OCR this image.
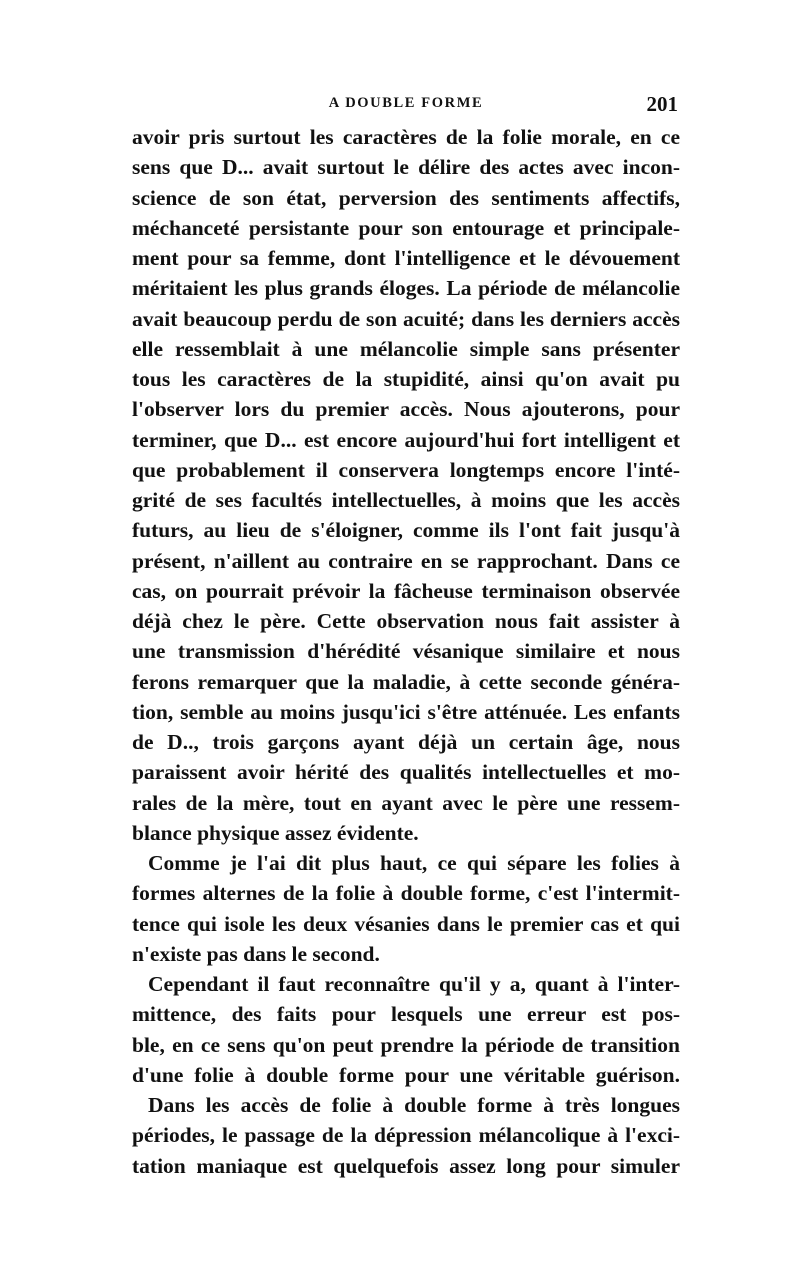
A DOUBLE FORME	201
avoir pris surtout les caractères de la folie morale, en ce
sens que D... avait surtout le délire des actes avec incon-
science de son état, perversion des sentiments affectifs,
méchanceté persistante pour son entourage et principale-
ment pour sa femme, dont l'intelligence et le dévouement
méritaient les plus grands éloges. La période de mélancolie
avait beaucoup perdu de son acuité; dans les derniers accès
elle ressemblait à une mélancolie simple sans présenter
tous les caractères de la stupidité, ainsi qu'on avait pu
l'observer lors du premier accès. Nous ajouterons, pour
terminer, que D... est encore aujourd'hui fort intelligent et
que probablement il conservera longtemps encore l'inté-
grité de ses facultés intellectuelles, à moins que les accès
futurs, au lieu de s'éloigner, comme ils l'ont fait jusqu'à
présent, n'aillent au contraire en se rapprochant. Dans ce
cas, on pourrait prévoir la fâcheuse terminaison observée
déjà chez le père. Cette observation nous fait assister à
une transmission d'hérédité vésanique similaire et nous
ferons remarquer que la maladie, à cette seconde généra-
tion, semble au moins jusqu'ici s'être atténuée. Les enfants
de D.., trois garçons ayant déjà un certain âge, nous
paraissent avoir hérité des qualités intellectuelles et mo-
rales de la mère, tout en ayant avec le père une ressem-
blance physique assez évidente.
Comme je l'ai dit plus haut, ce qui sépare les folies à
formes alternes de la folie à double forme, c'est l'intermit-
tence qui isole les deux vésanies dans le premier cas et qui
n'existe pas dans le second.
Cependant il faut reconnaître qu'il y a, quant à l'inter-
mittence, des faits pour lesquels une erreur est pos-
ble, en ce sens qu'on peut prendre la période de transition
d'une folie à double forme pour une véritable guérison.
Dans les accès de folie à double forme à très longues
périodes, le passage de la dépression mélancolique à l'exci-
tation maniaque est quelquefois assez long pour simuler
